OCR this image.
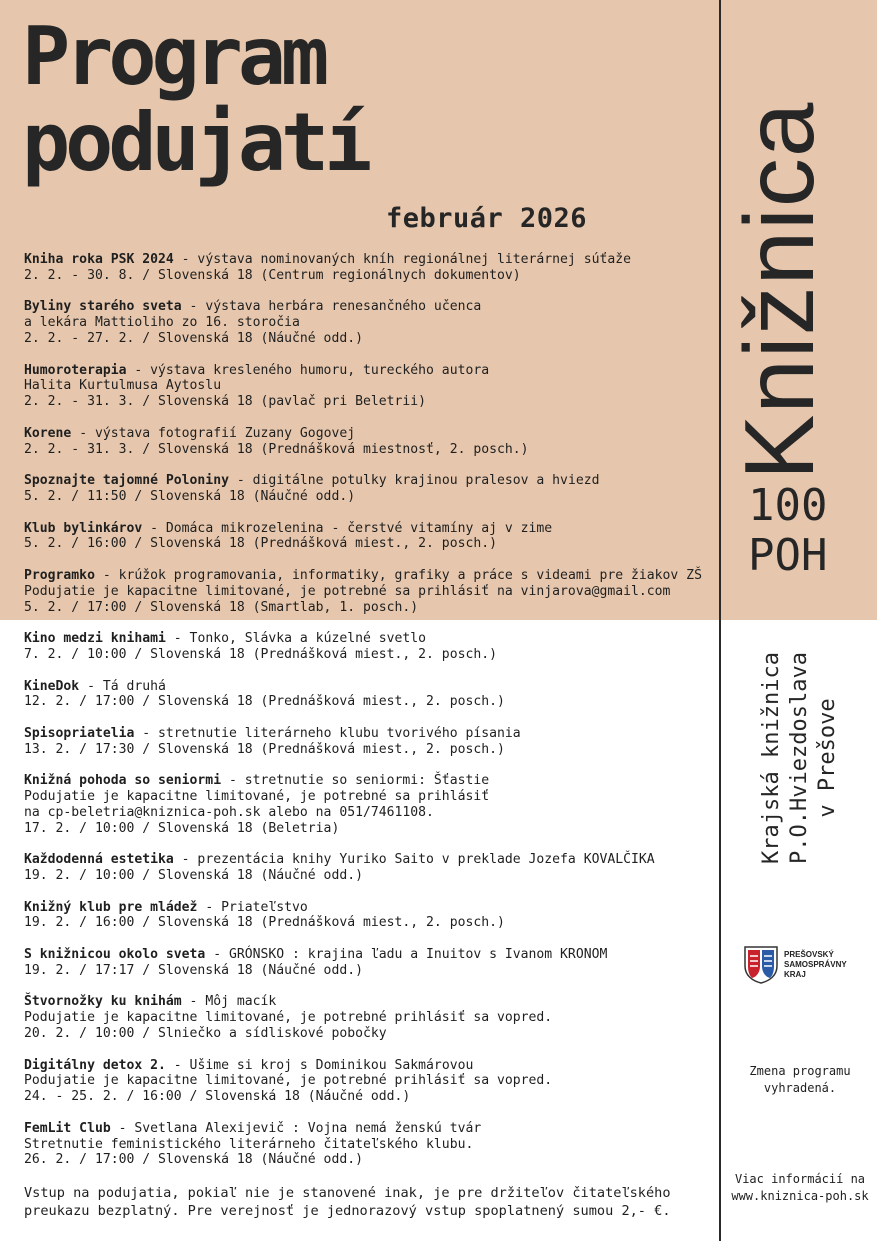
Program
podujatí
február 2026
Kniha roka PSK 2024 - výstava nominovaných kníh regionálnej literárnej súťaže
2. 2. - 30. 8. / Slovenská 18 (Centrum regionálnych dokumentov)
Byliny starého sveta - výstava herbára renesančného učenca
a lekára Mattioliho zo 16. storočia
2. 2. - 27. 2. / Slovenská 18 (Náučné odd.)
Humoroterapia - výstava kresleného humoru, tureckého autora
Halita Kurtulmusa Aytoslu
2. 2. - 31. 3. / Slovenská 18 (pavlač pri Beletrii)
Korene - výstava fotografií Zuzany Gogovej
2. 2. - 31. 3. / Slovenská 18 (Prednášková miestnosť, 2. posch.)
Spoznajte tajomné Poloniny - digitálne potulky krajinou pralesov a hviezd
5. 2. / 11:50 / Slovenská 18 (Náučné odd.)
Klub bylinkárov - Domáca mikrozelenina - čerstvé vitamíny aj v zime
5. 2. / 16:00 / Slovenská 18 (Prednášková miest., 2. posch.)
Programko - krúžok programovania, informatiky, grafiky a práce s videami pre žiakov ZŠ
Podujatie je kapacitne limitované, je potrebné sa prihlásiť na vinjarova@gmail.com
5. 2. / 17:00 / Slovenská 18 (Smartlab, 1. posch.)
Kino medzi knihami - Tonko, Slávka a kúzelné svetlo
7. 2. / 10:00 / Slovenská 18 (Prednášková miest., 2. posch.)
KineDok - Tá druhá
12. 2. / 17:00 / Slovenská 18 (Prednášková miest., 2. posch.)
Spisopriatelia - stretnutie literárneho klubu tvorivého písania
13. 2. / 17:30 / Slovenská 18 (Prednášková miest., 2. posch.)
Knižná pohoda so seniormi - stretnutie so seniormi: Šťastie
Podujatie je kapacitne limitované, je potrebné sa prihlásiť
na cp-beletria@kniznica-poh.sk alebo na 051/7461108.
17. 2. / 10:00 / Slovenská 18 (Beletria)
Každodenná estetika - prezentácia knihy Yuriko Saito v preklade Jozefa KOVALČIKA
19. 2. / 10:00 / Slovenská 18 (Náučné odd.)
Knižný klub pre mládež - Priateľstvo
19. 2. / 16:00 / Slovenská 18 (Prednášková miest., 2. posch.)
S knižnicou okolo sveta - GRÓNSKO : krajina ľadu a Inuitov s Ivanom KRONOM
19. 2. / 17:17 / Slovenská 18 (Náučné odd.)
Štvornožky ku knihám - Môj macík
Podujatie je kapacitne limitované, je potrebné prihlásiť sa vopred.
20. 2. / 10:00 / Slniečko a sídliskové pobočky
Digitálny detox 2. - Ušime si kroj s Dominikou Sakmárovou
Podujatie je kapacitne limitované, je potrebné prihlásiť sa vopred.
24. - 25. 2. / 16:00 / Slovenská 18 (Náučné odd.)
FemLit Club - Svetlana Alexijevič : Vojna nemá ženskú tvár
Stretnutie feministického literárneho čitateľského klubu.
26. 2. / 17:00 / Slovenská 18 (Náučné odd.)
Vstup na podujatia, pokiaľ nie je stanovené inak, je pre držiteľov čitateľského
preukazu bezplatný. Pre verejnosť je jednorazový vstup spoplatnený sumou 2,- €.
Knižnica
100
POH
Krajská knižnica P.O.Hviezdoslava v Prešove
PREŠOVSKÝ
SAMOSPRÁVNY
KRAJ
Zmena programu
vyhradená.
Viac informácií na
www.kniznica-poh.sk
